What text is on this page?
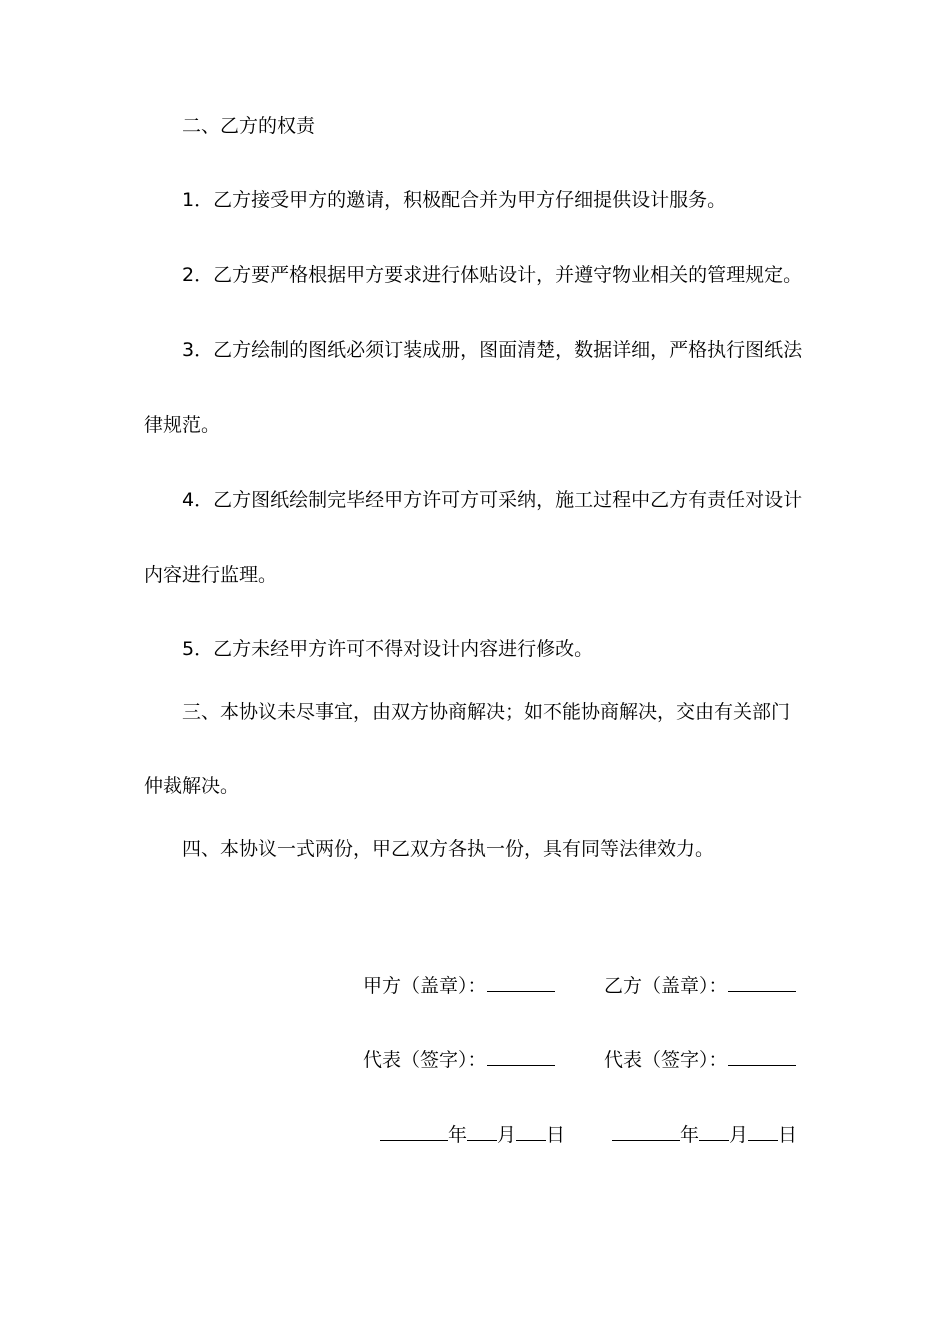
二、乙方的权责
1．乙方接受甲方的邀请，积极配合并为甲方仔细提供设计服务。
2．乙方要严格根据甲方要求进行体贴设计，并遵守物业相关的管理规定。
3．乙方绘制的图纸必须订装成册，图面清楚，数据详细，严格执行图纸法
律规范。
4．乙方图纸绘制完毕经甲方许可方可采纳，施工过程中乙方有责任对设计
内容进行监理。
5．乙方未经甲方许可不得对设计内容进行修改。
三、本协议未尽事宜，由双方协商解决；如不能协商解决，交由有关部门
仲裁解决。
四、本协议一式两份，甲乙双方各执一份，具有同等法律效力。
甲方（盖章）：	乙方（盖章）：
代表（签字）：	代表（签字）：
年 月 日	年 月 日
